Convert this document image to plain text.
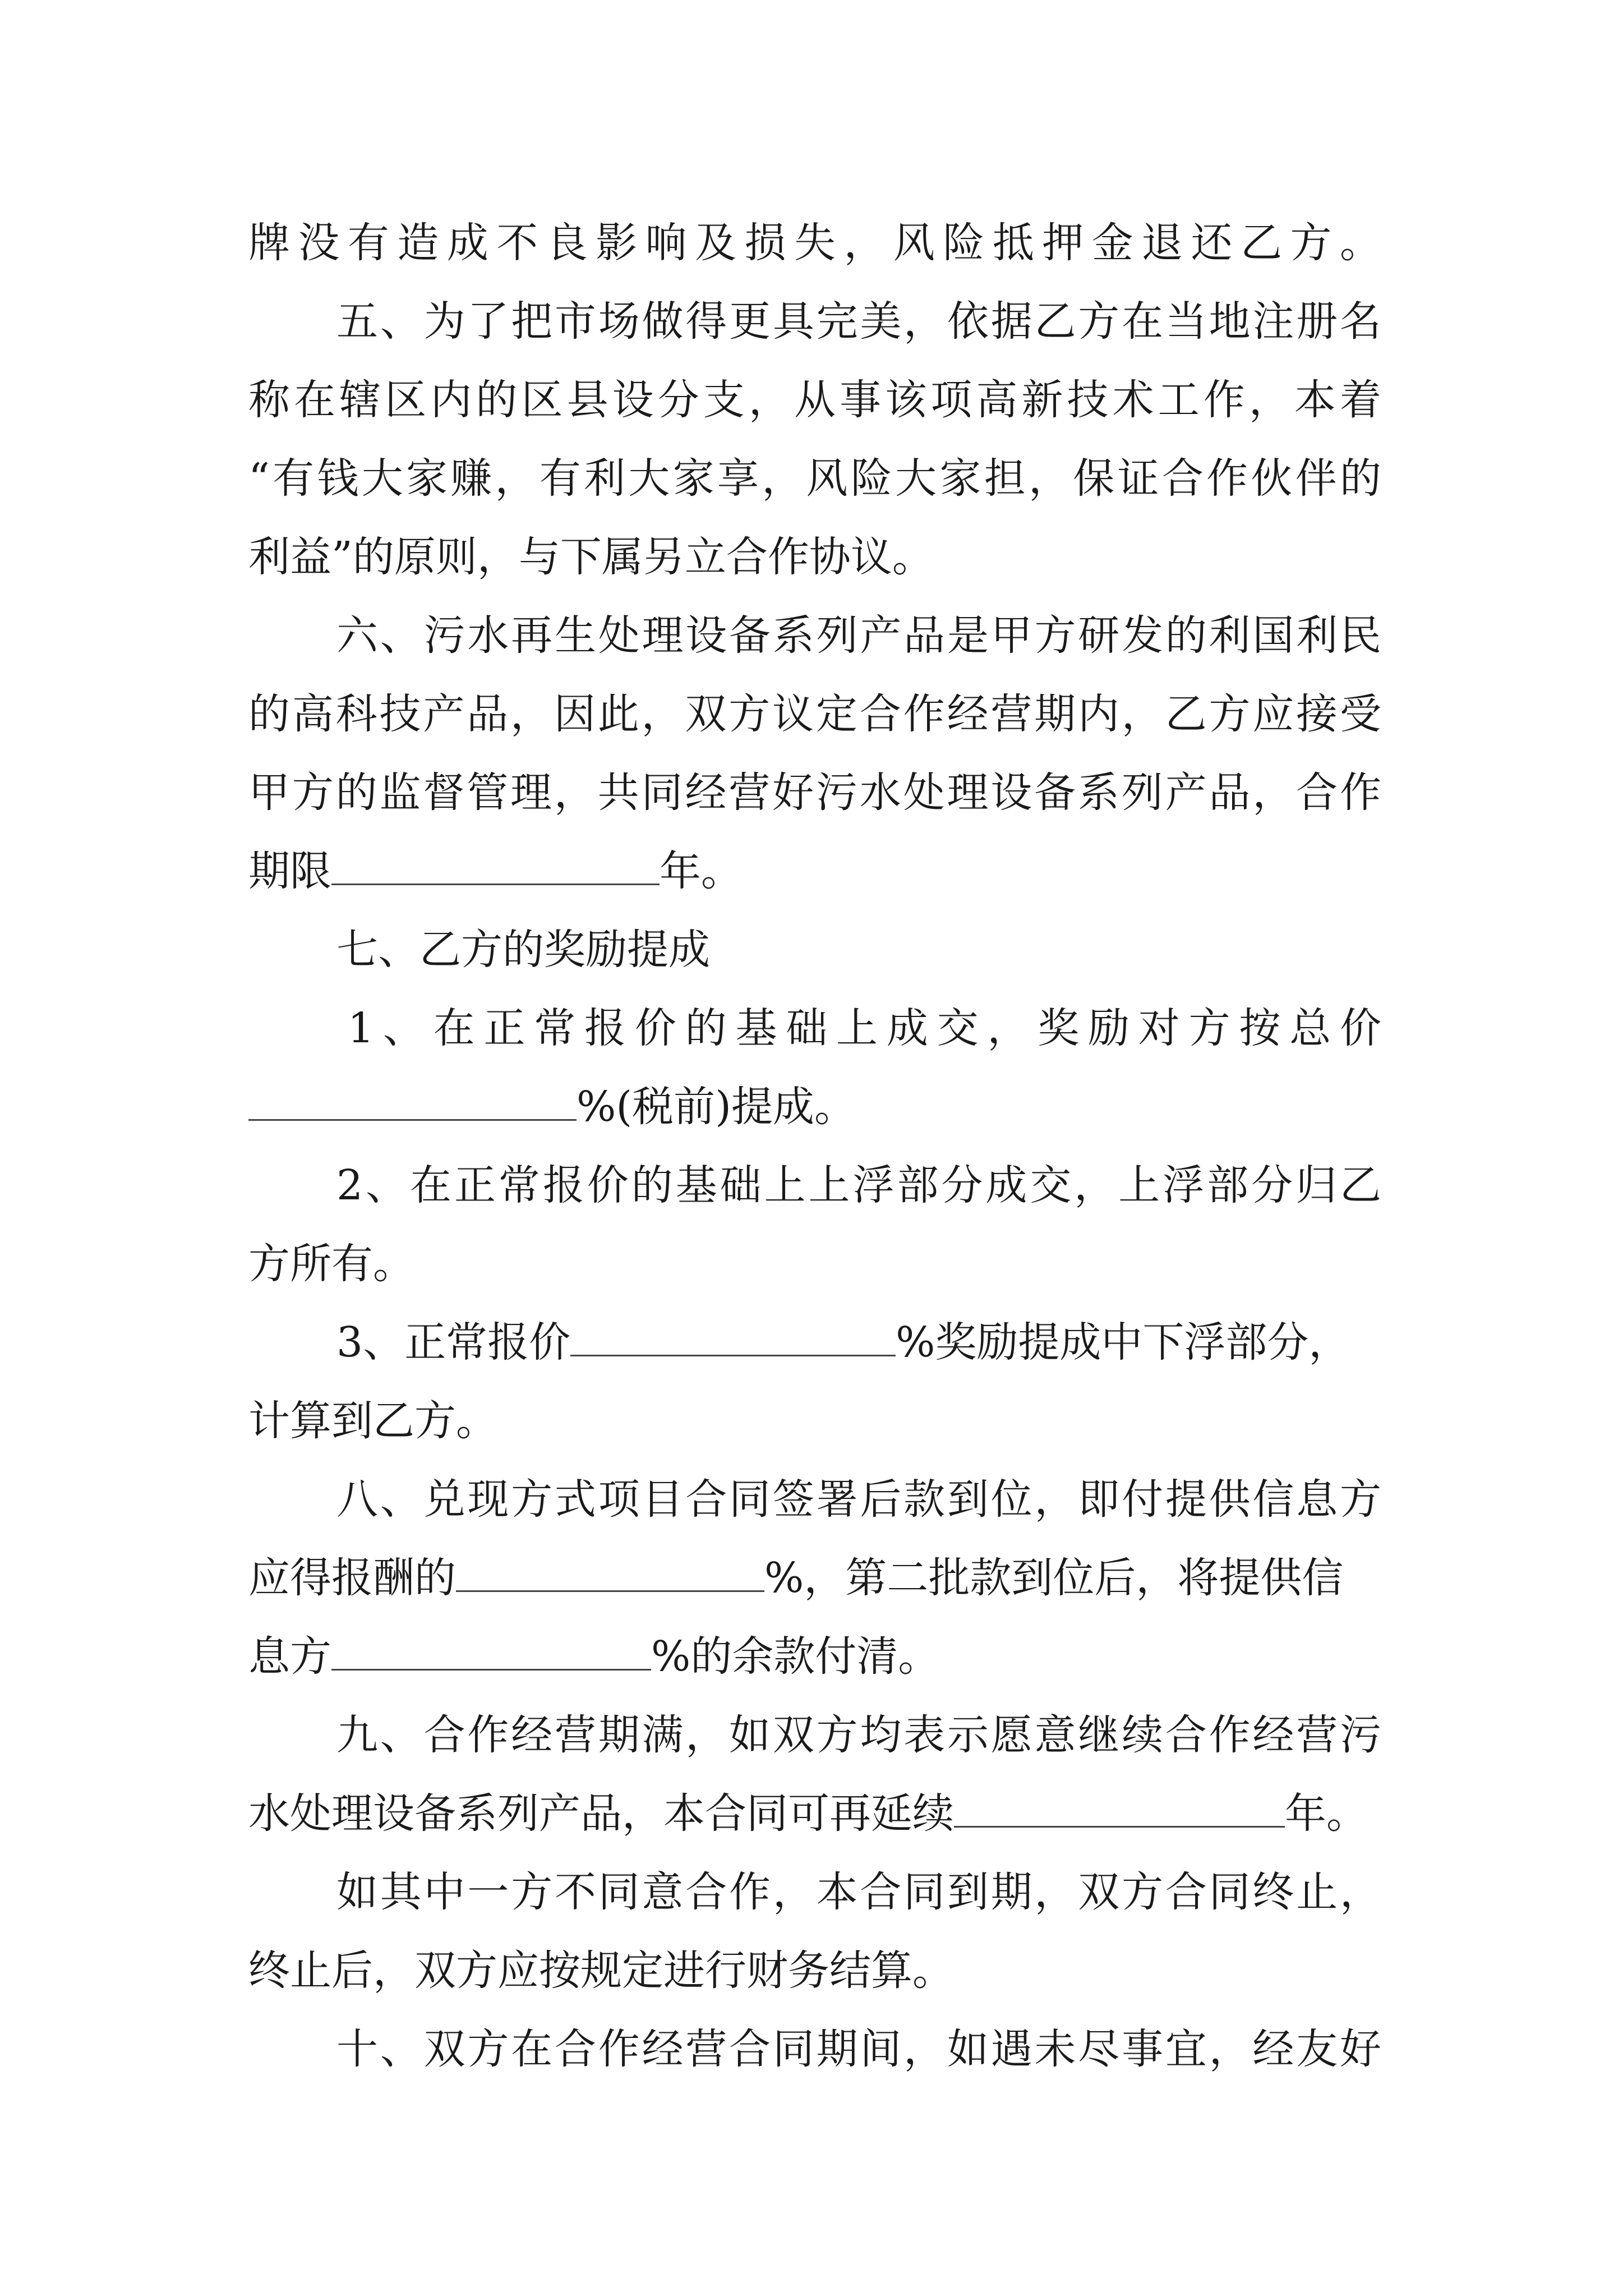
牌没有造成不良影响及损失，风险抵押金退还乙方。
五、为了把市场做得更具完美，依据乙方在当地注册名
称在辖区内的区县设分支，从事该项高新技术工作，本着
“有钱大家赚，有利大家享，风险大家担，保证合作伙伴的
利益”的原则，与下属另立合作协议。
六、污水再生处理设备系列产品是甲方研发的利国利民
的高科技产品，因此，双方议定合作经营期内，乙方应接受
甲方的监督管理，共同经营好污水处理设备系列产品，合作
期限	年。
七、乙方的奖励提成
1、在正常报价的基础上成交，奖励对方按总价
%(税前)提成。
2、在正常报价的基础上上浮部分成交，上浮部分归乙
方所有。
3、正常报价	%奖励提成中下浮部分，
计算到乙方。
八、兑现方式项目合同签署后款到位，即付提供信息方
应得报酬的	%，第二批款到位后，将提供信
息方	%的余款付清。
九、合作经营期满，如双方均表示愿意继续合作经营污
水处理设备系列产品，本合同可再延续	年。
如其中一方不同意合作，本合同到期，双方合同终止，
终止后，双方应按规定进行财务结算。
十、双方在合作经营合同期间，如遇未尽事宜，经友好
